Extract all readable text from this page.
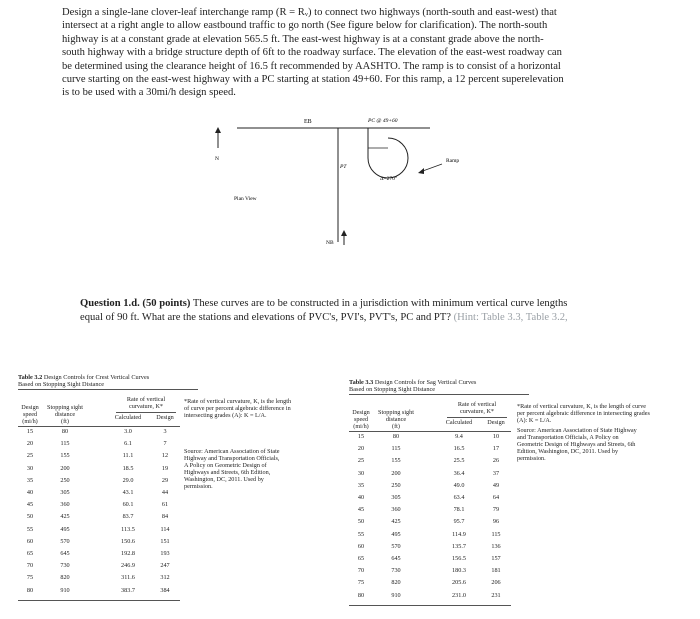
Design a single-lane clover-leaf interchange ramp (R = Rᵥ) to connect two highways (north-south and east-west) that
intersect at a right angle to allow eastbound traffic to go north (See figure below for clarification). The north-south
highway is at a constant grade at elevation 565.5 ft. The east-west highway is at a constant grade above the north-
south highway with a bridge structure depth of 6ft to the roadway surface. The elevation of the east-west roadway can
be determined using the clearance height of 16.5 ft recommended by AASHTO. The ramp is to consist of a horizontal
curve starting on the east-west highway with a PC starting at station 49+60. For this ramp, a 12 percent superelevation
is to be used with a 30mi/h design speed.
EB	PC @ 49+60
Ramp
PT
Δ=270°
N
Plan View
NB
Question 1.d. (50 points) These curves are to be constructed in a jurisdiction with minimum vertical curve lengths
equal of 90 ft. What are the stations and elevations of PVC's, PVI's, PVT's, PC and PT? (Hint: Table 3.3, Table 3.2,
Table 3.2 Design Controls for Crest Vertical Curves
Based on Stopping Sight Distance
Design
speed
(mi/h)
Stopping sight
distance
(ft)
Rate of vertical
curvature, K*
Calculated	Design
*Rate of vertical curvature, K, is the length
of curve per percent algebraic difference in
intersecting grades (A): K = L/A.
Source: American Association of State
Highway and Transportation Officials,
A Policy on Geometric Design of
Highways and Streets, 6th Edition,
Washington, DC, 2011. Used by
permission.
15	80	3.0	3
20	115	6.1	7
25	155	11.1	12
30	200	18.5	19
35	250	29.0	29
40	305	43.1	44
45	360	60.1	61
50	425	83.7	84
55	495	113.5	114
60	570	150.6	151
65	645	192.8	193
70	730	246.9	247
75	820	311.6	312
80	910	383.7	384
Table 3.3 Design Controls for Sag Vertical Curves
Based on Stopping Sight Distance
Design
speed
(mi/h)
Stopping sight
distance
(ft)
Rate of vertical
curvature, K*
Calculated	Design
*Rate of vertical curvature, K, is the length of curve
per percent algebraic difference in intersecting grades
(A): K = L/A.
Source: American Association of State Highway
and Transportation Officials, A Policy on
Geometric Design of Highways and Streets, 6th
Edition, Washington, DC, 2011. Used by
permission.
15	80	9.4	10
20	115	16.5	17
25	155	25.5	26
30	200	36.4	37
35	250	49.0	49
40	305	63.4	64
45	360	78.1	79
50	425	95.7	96
55	495	114.9	115
60	570	135.7	136
65	645	156.5	157
70	730	180.3	181
75	820	205.6	206
80	910	231.0	231
